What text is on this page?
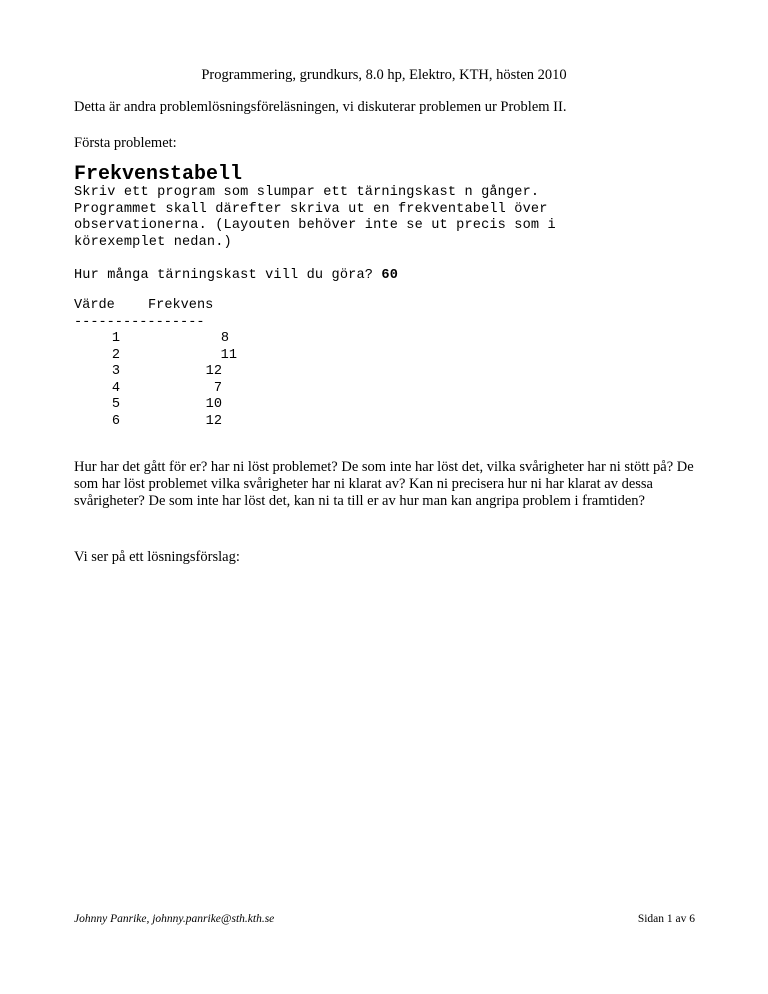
Programmering, grundkurs, 8.0 hp, Elektro, KTH, hösten 2010
Detta är andra problemlösningsföreläsningen, vi diskuterar problemen ur Problem II.
Första problemet:
Frekvenstabell
Skriv ett program som slumpar ett tärningskast n gånger.
Programmet skall därefter skriva ut en frekventabell över
observationerna. (Layouten behöver inte se ut precis som i
körexemplet nedan.)
Hur många tärningskast vill du göra? 60
Värde Frekvens
----------------
1	8
2	11
3	12
4	7
5	10
6	12
Hur har det gått för er? har ni löst problemet? De som inte har löst det, vilka svårigheter har ni stött på? De som har löst problemet vilka svårigheter har ni klarat av? Kan ni precisera hur ni har klarat av dessa svårigheter? De som inte har löst det, kan ni ta till er av hur man kan angripa problem i framtiden?
Vi ser på ett lösningsförslag:
Johnny Panrike, johnny.panrike@sth.kth.se	Sidan 1 av 6
